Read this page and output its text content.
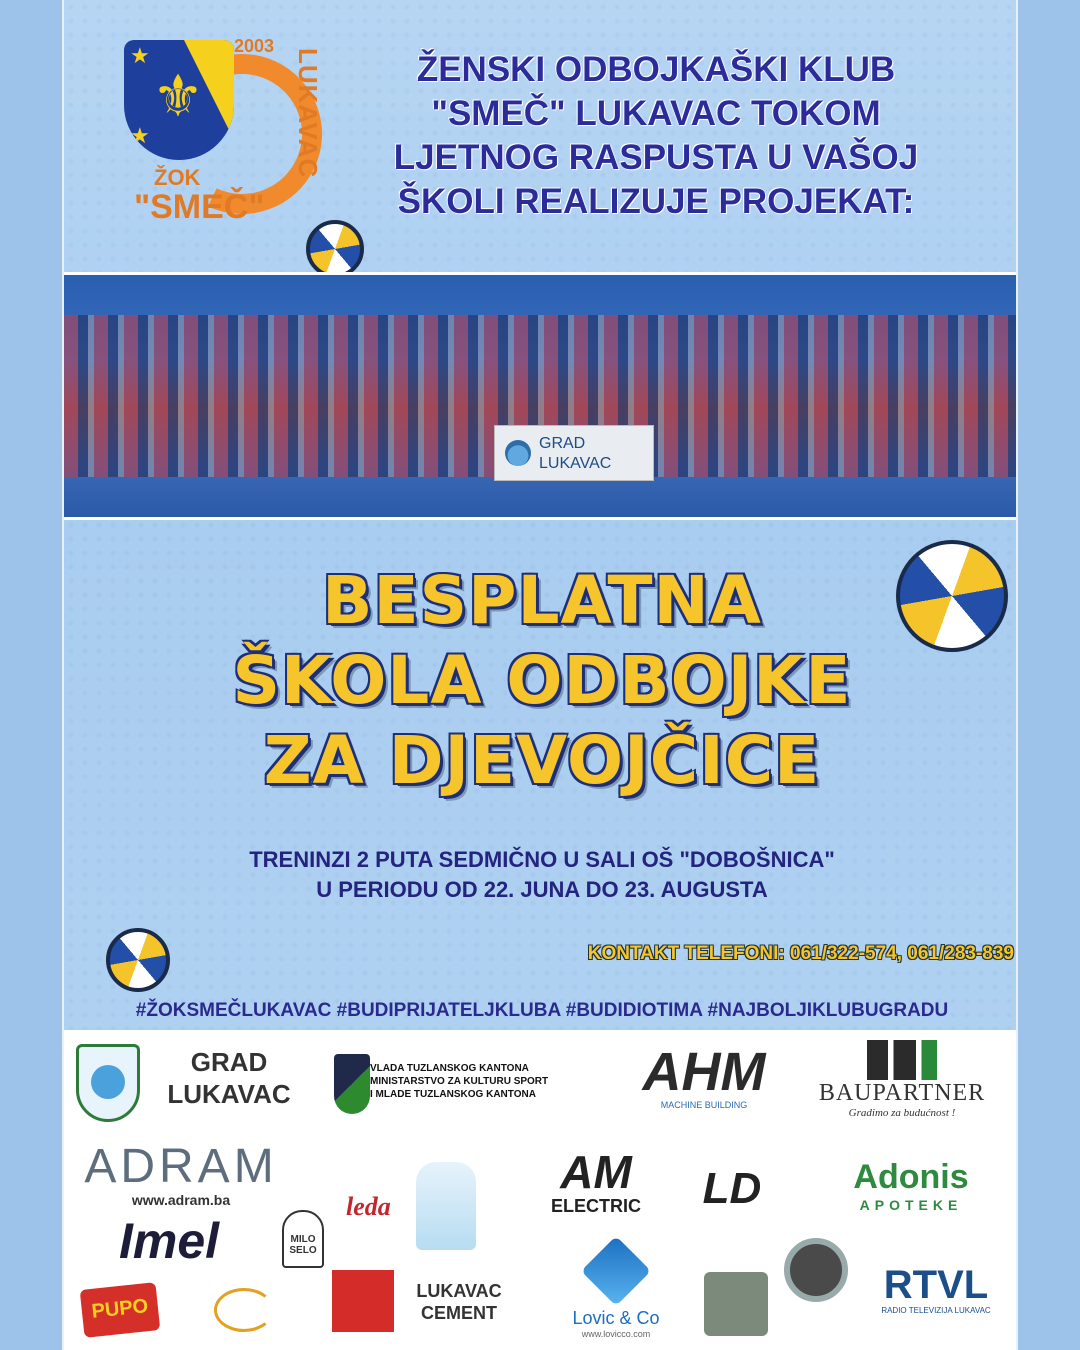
⚜
★
★
2003
LUKAVAC
ŽOK
"SMEČ"
ŽENSKI ODBOJKAŠKI KLUB
"SMEČ" LUKAVAC TOKOM
LJETNOG RASPUSTA U VAŠOJ
ŠKOLI REALIZUJE PROJEKAT:
GRAD
LUKAVAC
BESPLATNA
ŠKOLA ODBOJKE
ZA DJEVOJČICE
TRENINZI 2 PUTA SEDMIČNO U SALI OŠ "DOBOŠNICA"
U PERIODU OD 22. JUNA DO 23. AUGUSTA
KONTAKT TELEFONI: 061/322-574, 061/283-839
#ŽOKSMEČLUKAVAC #BUDIPRIJATELJKLUBA #BUDIDIOTIMA #NAJBOLJIKLUBUGRADU
GRAD
LUKAVAC
VLADA TUZLANSKOG KANTONA
MINISTARSTVO ZA KULTURU SPORT
I MLADE TUZLANSKOG KANTONA	AHM
MACHINE BUILDING	BAUPARTNER
Gradimo za budućnost !
ADRAM
www.adram.ba	leda
AM
ELECTRIC	LD	Adonis
APOTEKE
Imel	MILO
SELO
LUKAVAC
CEMENT	Lovic & Co
www.lovicco.com
RTVL
RADIO TELEVIZIJA LUKAVAC
PUPO
